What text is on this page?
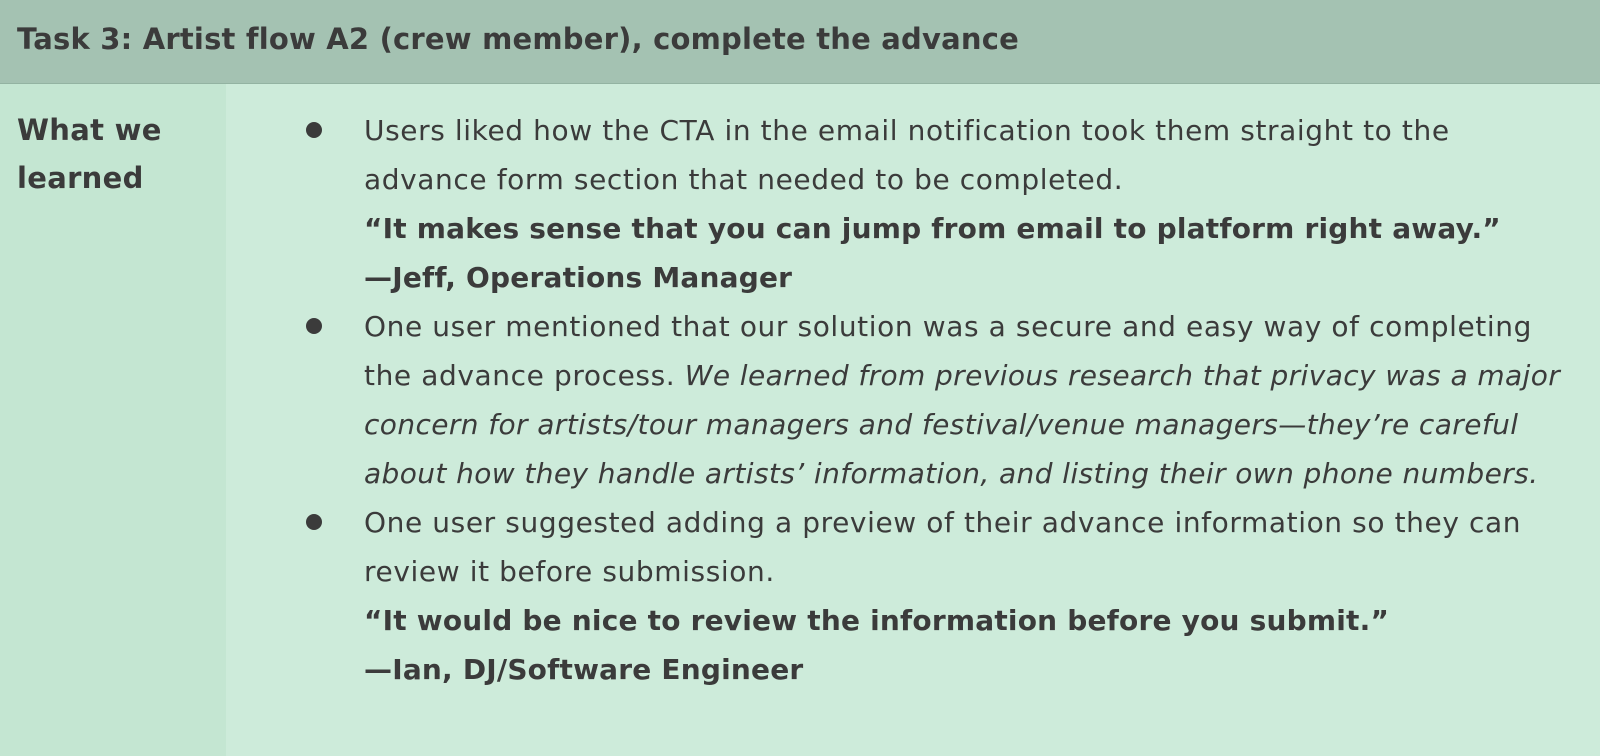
Task 3: Artist flow A2 (crew member), complete the advance
What we learned
Users liked how the CTA in the email notification took them straight to the advance form section that needed to be completed.
“It makes sense that you can jump from email to platform right away.”
—Jeff, Operations Manager
One user mentioned that our solution was a secure and easy way of completing the advance process. We learned from previous research that privacy was a major concern for artists/tour managers and festival/venue managers—they’re careful about how they handle artists’ information, and listing their own phone numbers.
One user suggested adding a preview of their advance information so they can review it before submission.
“It would be nice to review the information before you submit.”
—Ian, DJ/Software Engineer
